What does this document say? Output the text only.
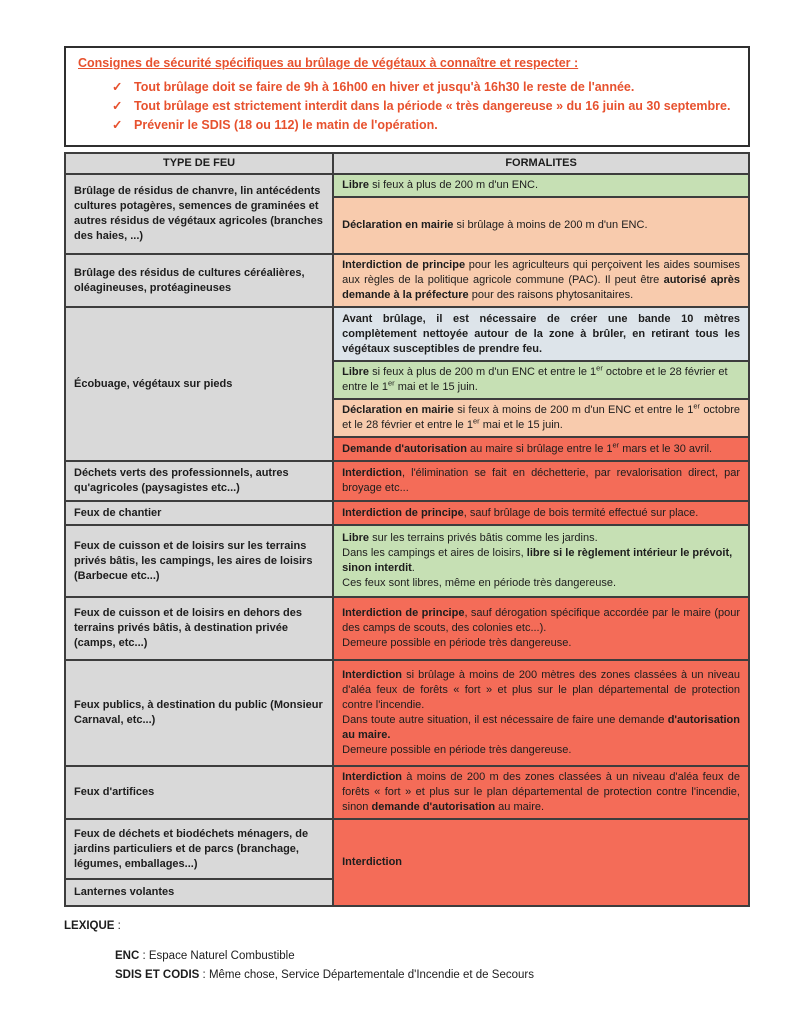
Consignes de sécurité spécifiques au brûlage de végétaux à connaître et respecter :
✓ Tout brûlage doit se faire de 9h à 16h00 en hiver et jusqu'à 16h30 le reste de l'année.
✓ Tout brûlage est strictement interdit dans la période « très dangereuse » du 16 juin au 30 septembre.
✓ Prévenir le SDIS (18 ou 112) le matin de l'opération.
TYPE DE FEU	FORMALITES
Brûlage de résidus de chanvre, lin antécédents cultures potagères, semences de graminées et autres résidus de végétaux agricoles (branches des haies, ...)	Libre si feux à plus de 200 m d'un ENC.
	Déclaration en mairie si brûlage à moins de 200 m d'un ENC.
Brûlage des résidus de cultures céréalières, oléagineuses, protéagineuses	Interdiction de principe pour les agriculteurs qui perçoivent les aides soumises aux règles de la politique agricole commune (PAC). Il peut être autorisé après demande à la préfecture pour des raisons phytosanitaires.
Écobuage, végétaux sur pieds	Avant brûlage, il est nécessaire de créer une bande 10 mètres complètement nettoyée autour de la zone à brûler, en retirant tous les végétaux susceptibles de prendre feu.
	Libre si feux à plus de 200 m d'un ENC et entre le 1er octobre et le 28 février et entre le 1er mai et le 15 juin.
	Déclaration en mairie si feux à moins de 200 m d'un ENC et entre le 1er octobre et le 28 février et entre le 1er mai et le 15 juin.
	Demande d'autorisation au maire si brûlage entre le 1er mars et le 30 avril.
Déchets verts des professionnels, autres qu'agricoles (paysagistes etc...)	Interdiction, l'élimination se fait en déchetterie, par revalorisation direct, par broyage etc...
Feux de chantier	Interdiction de principe, sauf brûlage de bois termité effectué sur place.
Feux de cuisson et de loisirs sur les terrains privés bâtis, les campings, les aires de loisirs (Barbecue etc...)	Libre sur les terrains privés bâtis comme les jardins.
Dans les campings et aires de loisirs, libre si le règlement intérieur le prévoit, sinon interdit.
Ces feux sont libres, même en période très dangereuse.
Feux de cuisson et de loisirs en dehors des terrains privés bâtis, à destination privée (camps, etc...)	Interdiction de principe, sauf dérogation spécifique accordée par le maire (pour des camps de scouts, des colonies etc...).
Demeure possible en période très dangereuse.
Feux publics, à destination du public (Monsieur Carnaval, etc...)	Interdiction si brûlage à moins de 200 mètres des zones classées à un niveau d'aléa feux de forêts « fort » et plus sur le plan départemental de protection contre l'incendie.
Dans toute autre situation, il est nécessaire de faire une demande d'autorisation au maire.
Demeure possible en période très dangereuse.
Feux d'artifices	Interdiction à moins de 200 m des zones classées à un niveau d'aléa feux de forêts « fort » et plus sur le plan départemental de protection contre l'incendie, sinon demande d'autorisation au maire.
Feux de déchets et biodéchets ménagers, de jardins particuliers et de parcs (branchage, légumes, emballages...)	Interdiction
Lanternes volantes	
LEXIQUE :
ENC : Espace Naturel Combustible
SDIS ET CODIS : Même chose, Service Départementale d'Incendie et de Secours
